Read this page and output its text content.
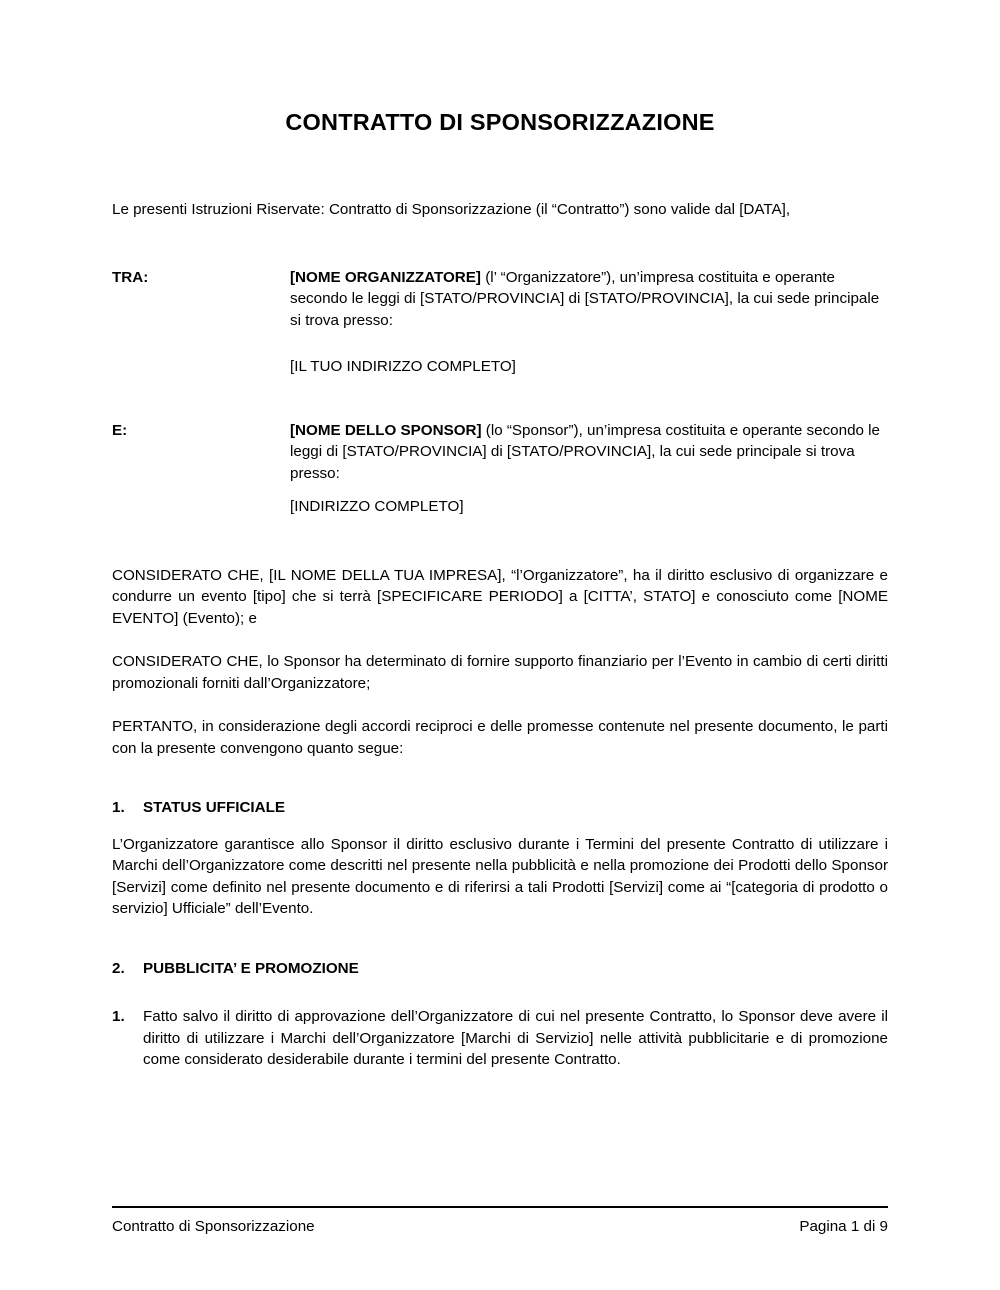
CONTRATTO DI SPONSORIZZAZIONE

Le presenti Istruzioni Riservate: Contratto di Sponsorizzazione (il “Contratto”) sono valide dal [DATA],

TRA:	[NOME ORGANIZZATORE] (l’ “Organizzatore”), un’impresa costituita e operante secondo le leggi di [STATO/PROVINCIA] di [STATO/PROVINCIA], la cui sede principale si trova presso:

[IL TUO INDIRIZZO COMPLETO]

E:	[NOME DELLO SPONSOR] (lo “Sponsor”), un’impresa costituita e operante secondo le leggi di [STATO/PROVINCIA] di [STATO/PROVINCIA], la cui sede principale si trova presso:

[INDIRIZZO COMPLETO]

CONSIDERATO CHE, [IL NOME DELLA TUA IMPRESA], “l’Organizzatore”, ha il diritto esclusivo di organizzare e condurre un evento [tipo] che si terrà [SPECIFICARE PERIODO] a [CITTA’, STATO] e conosciuto come [NOME EVENTO] (Evento); e

CONSIDERATO CHE, lo Sponsor ha determinato di fornire supporto finanziario per l’Evento in cambio di certi diritti promozionali forniti dall’Organizzatore;

PERTANTO, in considerazione degli accordi reciproci e delle promesse contenute nel presente documento, le parti con la presente convengono quanto segue:

1. STATUS UFFICIALE

L’Organizzatore garantisce allo Sponsor il diritto esclusivo durante i Termini del presente Contratto di utilizzare i Marchi dell’Organizzatore come descritti nel presente nella pubblicità e nella promozione dei Prodotti dello Sponsor [Servizi] come definito nel presente documento e di riferirsi a tali Prodotti [Servizi] come ai “[categoria di prodotto o servizio] Ufficiale” dell’Evento.

2. PUBBLICITA’ E PROMOZIONE
1. Fatto salvo il diritto di approvazione dell’Organizzatore di cui nel presente Contratto, lo Sponsor deve avere il diritto di utilizzare i Marchi dell’Organizzatore [Marchi di Servizio] nelle attività pubblicitarie e di promozione come considerato desiderabile durante i termini del presente Contratto.

Contratto di Sponsorizzazione	Pagina 1 di 9
